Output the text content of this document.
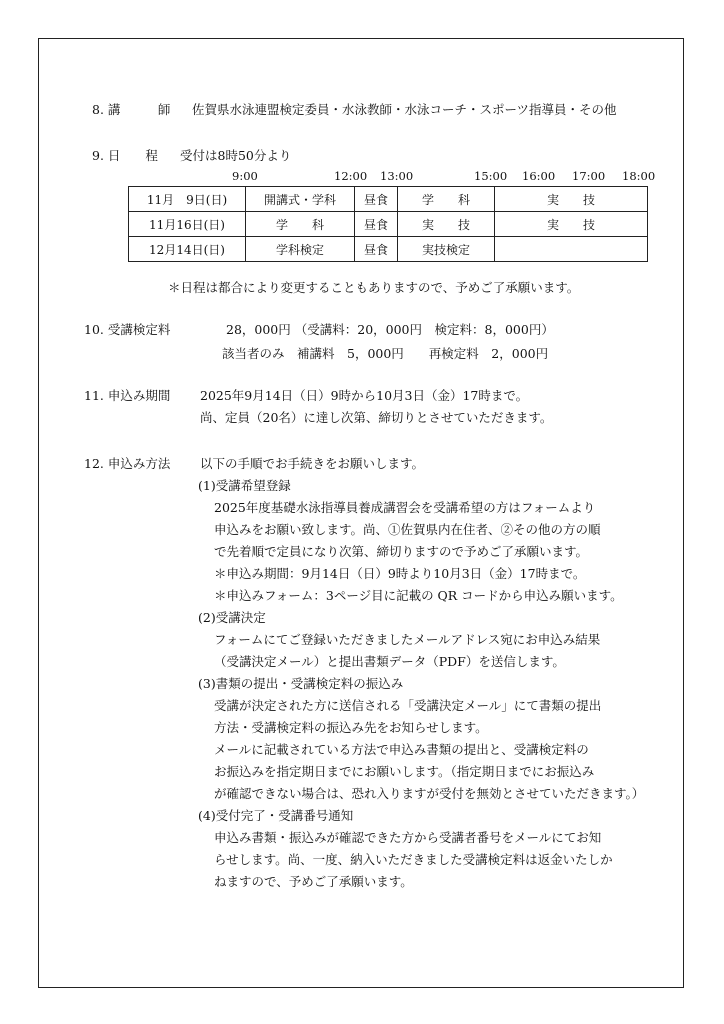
8. 講　　　師 佐賀県水泳連盟検定委員・水泳教師・水泳コーチ・スポーツ指導員・その他
9. 日　　程 受付は8時50分より
9:00	12:00 13:00	15:00 16:00 17:00 18:00
11月　9日(日)	開講式・学科	昼食	学　　科	実　　技
11月16日(日)	学　　科	昼食	実　　技	実　　技
12月14日(日)	学科検定	昼食	実技検定	
＊日程は都合により変更することもありますので、予めご了承願います。
10. 受講検定料	28，000円 （受講料：20，000円　検定料：8，000円）
該当者のみ　補講料　5，000円　　再検定料　2，000円
11. 申込み期間 2025年9月14日（日）9時から10月3日（金）17時まで。
尚、定員（20名）に達し次第、締切りとさせていただきます。
12. 申込み方法 以下の手順でお手続きをお願いします。
(1)受講希望登録
2025年度基礎水泳指導員養成講習会を受講希望の方はフォームより
申込みをお願い致します。尚、①佐賀県内在住者、②その他の方の順
で先着順で定員になり次第、締切りますので予めご了承願います。
＊申込み期間：9月14日（日）9時より10月3日（金）17時まで。
＊申込みフォーム：3ページ目に記載の QR コードから申込み願います。
(2)受講決定
フォームにてご登録いただきましたメールアドレス宛にお申込み結果
（受講決定メール）と提出書類データ（PDF）を送信します。
(3)書類の提出・受講検定料の振込み
受講が決定された方に送信される「受講決定メール」にて書類の提出
方法・受講検定料の振込み先をお知らせします。
メールに記載されている方法で申込み書類の提出と、受講検定料の
お振込みを指定期日までにお願いします。（指定期日までにお振込み
が確認できない場合は、恐れ入りますが受付を無効とさせていただきます。）
(4)受付完了・受講番号通知
申込み書類・振込みが確認できた方から受講者番号をメールにてお知
らせします。尚、一度、納入いただきました受講検定料は返金いたしか
ねますので、予めご了承願います。
